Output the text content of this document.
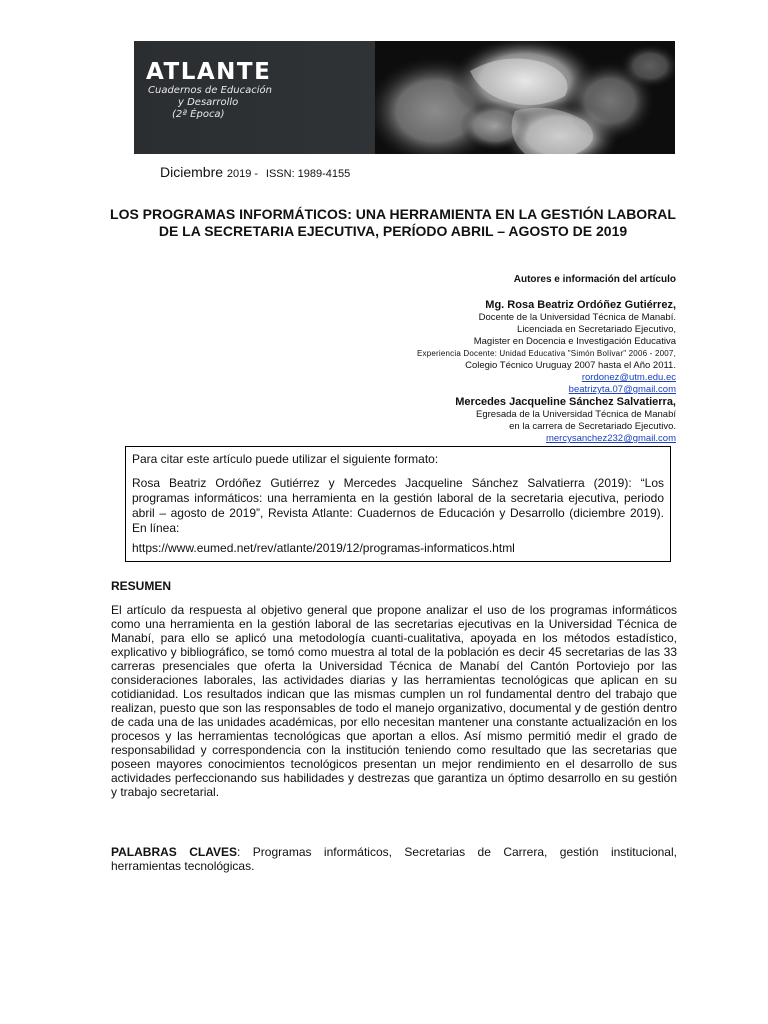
ATLANTE
Cuadernos de Educación
y Desarrollo
(2ª Época)
Diciembre 2019 - ISSN: 1989-4155
LOS PROGRAMAS INFORMÁTICOS: UNA HERRAMIENTA EN LA GESTIÓN LABORAL DE LA SECRETARIA EJECUTIVA, PERÍODO ABRIL – AGOSTO DE 2019
Autores e información del artículo
Mg. Rosa Beatriz Ordóñez Gutiérrez,
Docente de la Universidad Técnica de Manabí.
Licenciada en Secretariado Ejecutivo,
Magister en Docencia e Investigación Educativa
Experiencia Docente: Unidad Educativa "Simón Bolívar" 2006 - 2007,
Colegio Técnico Uruguay 2007 hasta el Año 2011.
rordonez@utm.edu.ec
beatrizyta.07@gmail.com
Mercedes Jacqueline Sánchez Salvatierra,
Egresada de la Universidad Técnica de Manabí
en la carrera de Secretariado Ejecutivo.
mercysanchez232@gmail.com
Para citar este artículo puede utilizar el siguiente formato:
Rosa Beatriz Ordóñez Gutiérrez y Mercedes Jacqueline Sánchez Salvatierra (2019): “Los programas informáticos: una herramienta en la gestión laboral de la secretaria ejecutiva, periodo abril – agosto de 2019”, Revista Atlante: Cuadernos de Educación y Desarrollo (diciembre 2019). En línea:
https://www.eumed.net/rev/atlante/2019/12/programas-informaticos.html
RESUMEN
El artículo da respuesta al objetivo general que propone analizar el uso de los programas informáticos como una herramienta en la gestión laboral de las secretarias ejecutivas en la Universidad Técnica de Manabí, para ello se aplicó una metodología cuanti-cualitativa, apoyada en los métodos estadístico, explicativo y bibliográfico, se tomó como muestra al total de la población es decir 45 secretarias de las 33 carreras presenciales que oferta la Universidad Técnica de Manabí del Cantón Portoviejo por las consideraciones laborales, las actividades diarias y las herramientas tecnológicas que aplican en su cotidianidad. Los resultados indican que las mismas cumplen un rol fundamental dentro del trabajo que realizan, puesto que son las responsables de todo el manejo organizativo, documental y de gestión dentro de cada una de las unidades académicas, por ello necesitan mantener una constante actualización en los procesos y las herramientas tecnológicas que aportan a ellos. Así mismo permitió medir el grado de responsabilidad y correspondencia con la institución teniendo como resultado que las secretarias que poseen mayores conocimientos tecnológicos presentan un mejor rendimiento en el desarrollo de sus actividades perfeccionando sus habilidades y destrezas que garantiza un óptimo desarrollo en su gestión y trabajo secretarial.
PALABRAS CLAVES: Programas informáticos, Secretarias de Carrera, gestión institucional, herramientas tecnológicas.
